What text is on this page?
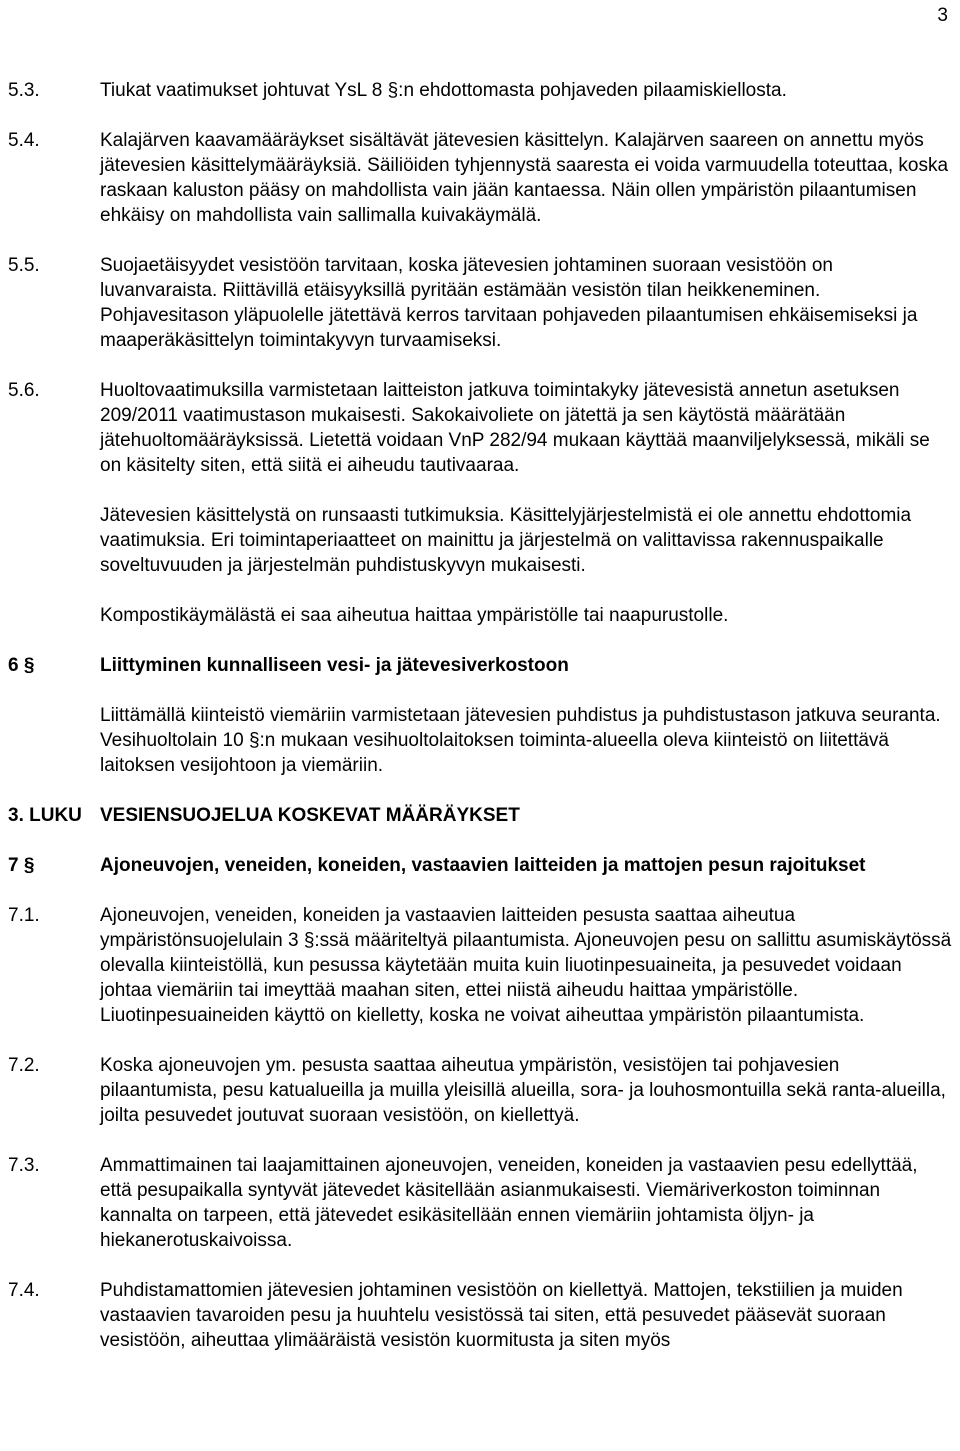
3
5.3.	Tiukat vaatimukset johtuvat YsL 8 §:n ehdottomasta pohjaveden pilaamiskiellosta.

5.4.	Kalajärven kaavamääräykset sisältävät jätevesien käsittelyn. Kalajärven saareen on annettu myös jätevesien käsittelymääräyksiä. Säiliöiden tyhjennystä saaresta ei voida varmuudella toteuttaa, koska raskaan kaluston pääsy on mahdollista vain jään kantaessa. Näin ollen ympäristön pilaantumisen ehkäisy on mahdollista vain sallimalla kuivakäymälä.

5.5.	Suojaetäisyydet vesistöön tarvitaan, koska jätevesien johtaminen suoraan vesistöön on luvanvaraista. Riittävillä etäisyyksillä pyritään estämään vesistön tilan heikkeneminen. Pohjavesitason yläpuolelle jätettävä kerros tarvitaan pohjaveden pilaantumisen ehkäisemiseksi ja maaperäkäsittelyn toimintakyvyn turvaamiseksi.

5.6.	Huoltovaatimuksilla varmistetaan laitteiston jatkuva toimintakyky jätevesistä annetun asetuksen 209/2011 vaatimustason mukaisesti. Sakokaivoliete on jätettä ja sen käytöstä määrätään jätehuoltomääräyksissä. Lietettä voidaan VnP 282/94 mukaan käyttää maanviljelyksessä, mikäli se on käsitelty siten, että siitä ei aiheudu tautivaaraa.

Jätevesien käsittelystä on runsaasti tutkimuksia. Käsittelyjärjestelmistä ei ole annettu ehdottomia vaatimuksia. Eri toimintaperiaatteet on mainittu ja järjestelmä on valittavissa rakennuspaikalle soveltuvuuden ja järjestelmän puhdistuskyvyn mukaisesti.

Kompostikäymälästä ei saa aiheutua haittaa ympäristölle tai naapurustolle.

6 §	Liittyminen kunnalliseen vesi- ja jätevesiverkostoon
Liittämällä kiinteistö viemäriin varmistetaan jätevesien puhdistus ja puhdistustason jatkuva seuranta. Vesihuoltolain 10 §:n mukaan vesihuoltolaitoksen toiminta-alueella oleva kiinteistö on liitettävä laitoksen vesijohtoon ja viemäriin.
3. LUKU VESIENSUOJELUA KOSKEVAT MÄÄRÄYKSET
7 §	Ajoneuvojen, veneiden, koneiden, vastaavien laitteiden ja mattojen pesun rajoitukset
7.1.	Ajoneuvojen, veneiden, koneiden ja vastaavien laitteiden pesusta saattaa aiheutua ympäristönsuojelulain 3 §:ssä määriteltyä pilaantumista. Ajoneuvojen pesu on sallittu asumiskäytössä olevalla kiinteistöllä, kun pesussa käytetään muita kuin liuotinpesuaineita, ja pesuvedet voidaan johtaa viemäriin tai imeyttää maahan siten, ettei niistä aiheudu haittaa ympäristölle. Liuotinpesuaineiden käyttö on kielletty, koska ne voivat aiheuttaa ympäristön pilaantumista.

7.2.	Koska ajoneuvojen ym. pesusta saattaa aiheutua ympäristön, vesistöjen tai pohjavesien pilaantumista, pesu katualueilla ja muilla yleisillä alueilla, sora- ja louhosmontuilla sekä ranta-alueilla, joilta pesuvedet joutuvat suoraan vesistöön, on kiellettyä.

7.3.	Ammattimainen tai laajamittainen ajoneuvojen, veneiden, koneiden ja vastaavien pesu edellyttää, että pesupaikalla syntyvät jätevedet käsitellään asianmukaisesti. Viemäriverkoston toiminnan kannalta on tarpeen, että jätevedet esikäsitellään ennen viemäriin johtamista öljyn- ja hiekanerotuskaivoissa.

7.4.	Puhdistamattomien jätevesien johtaminen vesistöön on kiellettyä. Mattojen, tekstiilien ja muiden vastaavien tavaroiden pesu ja huuhtelu vesistössä tai siten, että pesuvedet pääsevät suoraan vesistöön, aiheuttaa ylimääräistä vesistön kuormitusta ja siten myös
